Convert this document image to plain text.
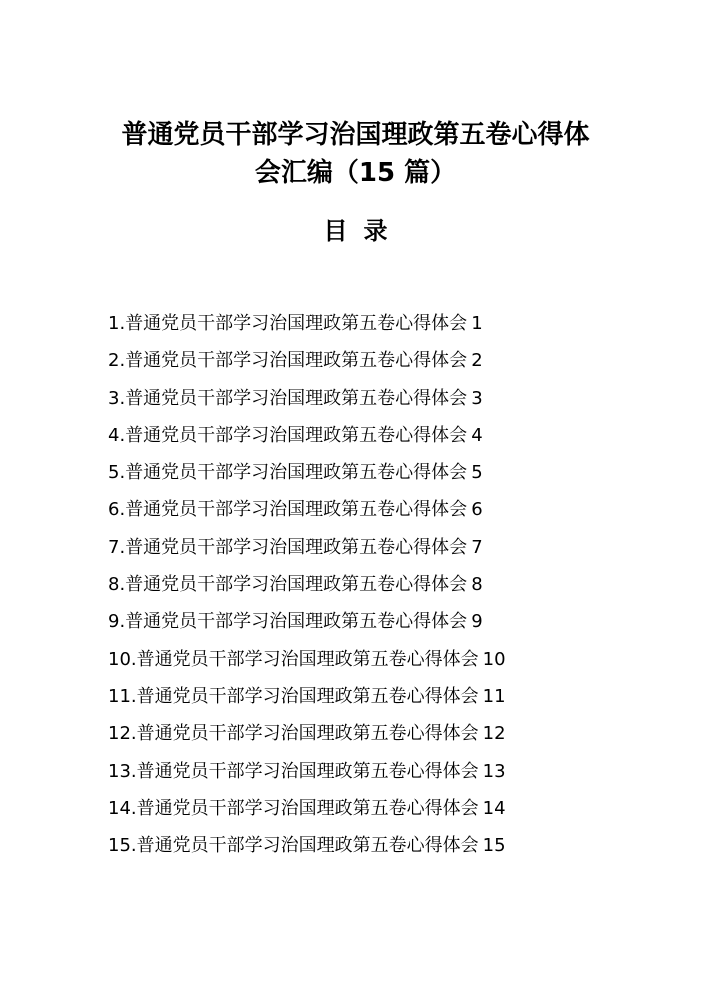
普通党员干部学习治国理政第五卷心得体
会汇编（15 篇）
目录
1.普通党员干部学习治国理政第五卷心得体会 1
2.普通党员干部学习治国理政第五卷心得体会 2
3.普通党员干部学习治国理政第五卷心得体会 3
4.普通党员干部学习治国理政第五卷心得体会 4
5.普通党员干部学习治国理政第五卷心得体会 5
6.普通党员干部学习治国理政第五卷心得体会 6
7.普通党员干部学习治国理政第五卷心得体会 7
8.普通党员干部学习治国理政第五卷心得体会 8
9.普通党员干部学习治国理政第五卷心得体会 9
10.普通党员干部学习治国理政第五卷心得体会 10
11.普通党员干部学习治国理政第五卷心得体会 11
12.普通党员干部学习治国理政第五卷心得体会 12
13.普通党员干部学习治国理政第五卷心得体会 13
14.普通党员干部学习治国理政第五卷心得体会 14
15.普通党员干部学习治国理政第五卷心得体会 15
